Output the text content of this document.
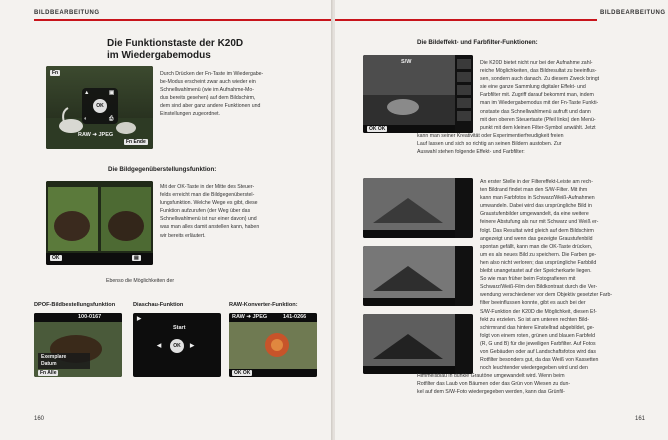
BILDBEARBEITUNG
Die Funktionstaste der K20D
im Wiedergabemodus
Fn
OK
▲	▣
◐	⎙
RAW ➜ JPEG
Fn Ende
Durch Drücken der Fn-Taste im Wiedergabe-
be-Modus erscheint zwar auch wieder ein
Schnellwahlmenü (wie im Aufnahme-Mo-
dus bereits gesehen) auf dem Bildschirm,
dem sind aber ganz andere Funktionen und
Einstellungen zugeordnet.
Die Bildgegenüberstellungsfunktion:
OK	▤
Mit der OK-Taste in der Mitte des Steuer-
felds erreicht man die Bildgegenüberstel-
lungsfunktion. Welche Wege es gibt, diese
Funktion aufzurufen (der Weg über das
Schnellwahlmenü ist nur einer davon) und
was man alles damit anstellen kann, haben
wir bereits erläutert.
Ebenso die Möglichkeiten der
DPOF-Bildbestellungsfunktion	Diaschau-Funktion	RAW-Konverter-Funktion:
100-0167
Exemplare
Datum
Fn Alle
Start
OK
◀	▶
▶	RAW ➜ JPEG	141-0266
OK OK
160
BILDBEARBEITUNG
Die Bildeffekt- und Farbfilter-Funktionen:
S/W
OK OK
Die K20D bietet nicht nur bei der Aufnahme zahl-
reiche Möglichkeiten, das Bildresultat zu beeinflus-
sen, sondern auch danach. Zu diesem Zweck bringt
sie eine ganze Sammlung digitaler Effekt- und
Farbfilter mit. Zugriff darauf bekommt man, indem
man im Wiedergabemodus mit der Fn-Taste Funkti-
onstaste das Schnellwahlmenü aufruft und dann
mit den oberen Steuertaste (Pfeil links) den Menü-
punkt mit dem kleinen Filter-Symbol anwählt. Jetzt
kann man seiner Kreativität oder Experimentierfreudigkeit freien
Lauf lassen und sich so richtig an seinen Bildern austoben. Zur
Auswahl stehen folgende Effekt- und Farbfilter:
An erster Stelle in der Filtereffekt-Leiste am rech-
ten Bildrand findet man den S/W-Filter. Mit ihm
kann man Farbfotos in Schwarz/Weiß-Aufnahmen
umwandeln. Dabei wird das ursprüngliche Bild in
Graustufenbilder umgewandelt, da eine weitere
feinere Abstufung als nur mit Schwarz und Weiß er-
folgt. Das Resultat wird gleich auf dem Bildschirm
angezeigt und wenn das gezeigte Graustufenbild
spontan gefällt, kann man die OK-Taste drücken,
um es als neues Bild zu speichern. Die Farben ge-
hen also nicht verloren; das ursprüngliche Farbbild
bleibt unangetastet auf der Speicherkarte liegen.
So wie man früher beim Fotografieren mit
Schwarz/Weiß-Film den Bildkontrast durch die Ver-
wendung verschiedener vor dem Objektiv gesetzter Farb-
filter beeinflussen konnte, gibt es auch bei der
S/W-Funktion der K20D die Möglichkeit, diesen Ef-
fekt zu erzielen. So ist am unteren rechten Bild-
schirmrand das hintere Einstellrad abgebildet, ge-
folgt von einem roten, grünen und blauen Farbfeld
(R, G und B) für die jeweiligen Farbfilter. Auf Fotos
von Gebäuden oder auf Landschaftsfotos wird das
Rotfilter besonders gut, da das Weiß von Kassetten
noch leuchtender wiedergegeben wird und den
Himmelsblau in dunkle Grautöne umgewandelt wird. Wenn beim
Rotfilter das Laub von Bäumen oder das Grün von Wiesen zu dun-
kel auf dem S/W-Foto wiedergegeben werden, kann das Grünfil-
161
